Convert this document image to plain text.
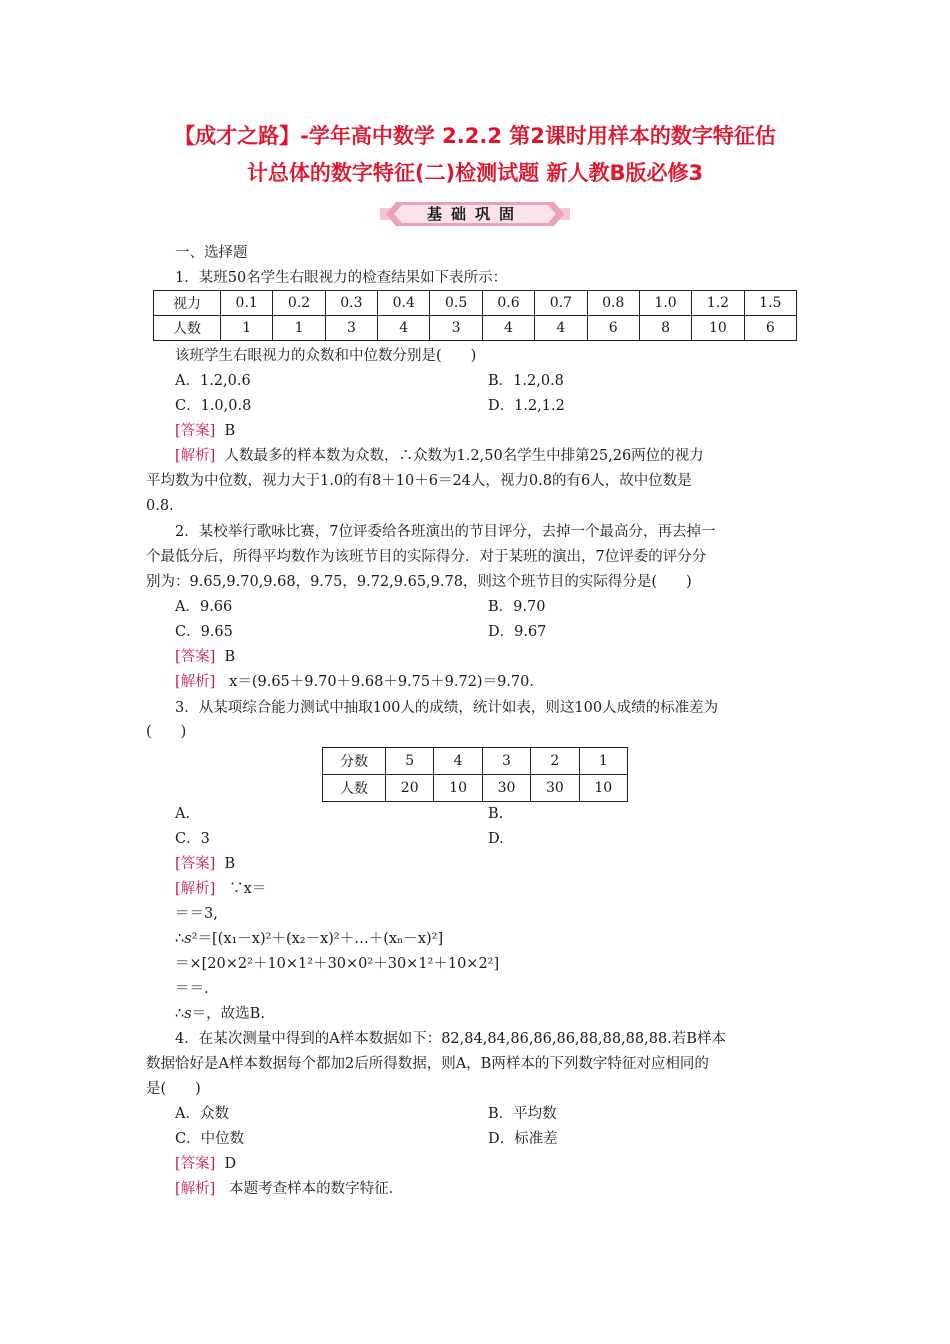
【成才之路】-学年高中数学 2.2.2 第2课时用样本的数字特征估
计总体的数字特征(二)检测试题 新人教B版必修3
基础巩固
一、选择题
1．某班50名学生右眼视力的检查结果如下表所示：
视力	0.1	0.2	0.3	0.4	0.5	0.6	0.7	0.8	1.0	1.2	1.5
人数	1	1	3	4	3	4	4	6	8	10	6
该班学生右眼视力的众数和中位数分别是(　　)
A．1.2,0.6	B．1.2,0.8
C．1.0,0.8	D．1.2,1.2
[答案] B
[解析] 人数最多的样本数为众数，∴众数为1.2,50名学生中排第25,26两位的视力
平均数为中位数，视力大于1.0的有8＋10＋6＝24人，视力0.8的有6人，故中位数是
0.8.
2．某校举行歌咏比赛，7位评委给各班演出的节目评分，去掉一个最高分，再去掉一
个最低分后，所得平均数作为该班节目的实际得分．对于某班的演出，7位评委的评分分
别为：9.65,9.70,9.68，9.75，9.72,9.65,9.78，则这个班节目的实际得分是(　　)
A．9.66	B．9.70
C．9.65	D．9.67
[答案] B
[解析] x＝(9.65＋9.70＋9.68＋9.75＋9.72)＝9.70.
3．从某项综合能力测试中抽取100人的成绩，统计如表，则这100人成绩的标准差为
(　　)
分数	5	4	3	2	1
人数	20	10	30	30	10
A.	B.
C．3	D.
[答案] B
[解析] ∵x＝
＝＝3,
∴s²＝[(x₁－x)²＋(x₂－x)²＋…＋(xₙ－x)²]
＝×[20×2²＋10×1²＋30×0²＋30×1²＋10×2²]
＝＝.
∴s＝，故选B.
4．在某次测量中得到的A样本数据如下：82,84,84,86,86,86,88,88,88,88.若B样本
数据恰好是A样本数据每个都加2后所得数据，则A，B两样本的下列数字特征对应相同的
是(　　)
A．众数	B．平均数
C．中位数	D．标准差
[答案] D
[解析] 本题考查样本的数字特征．
